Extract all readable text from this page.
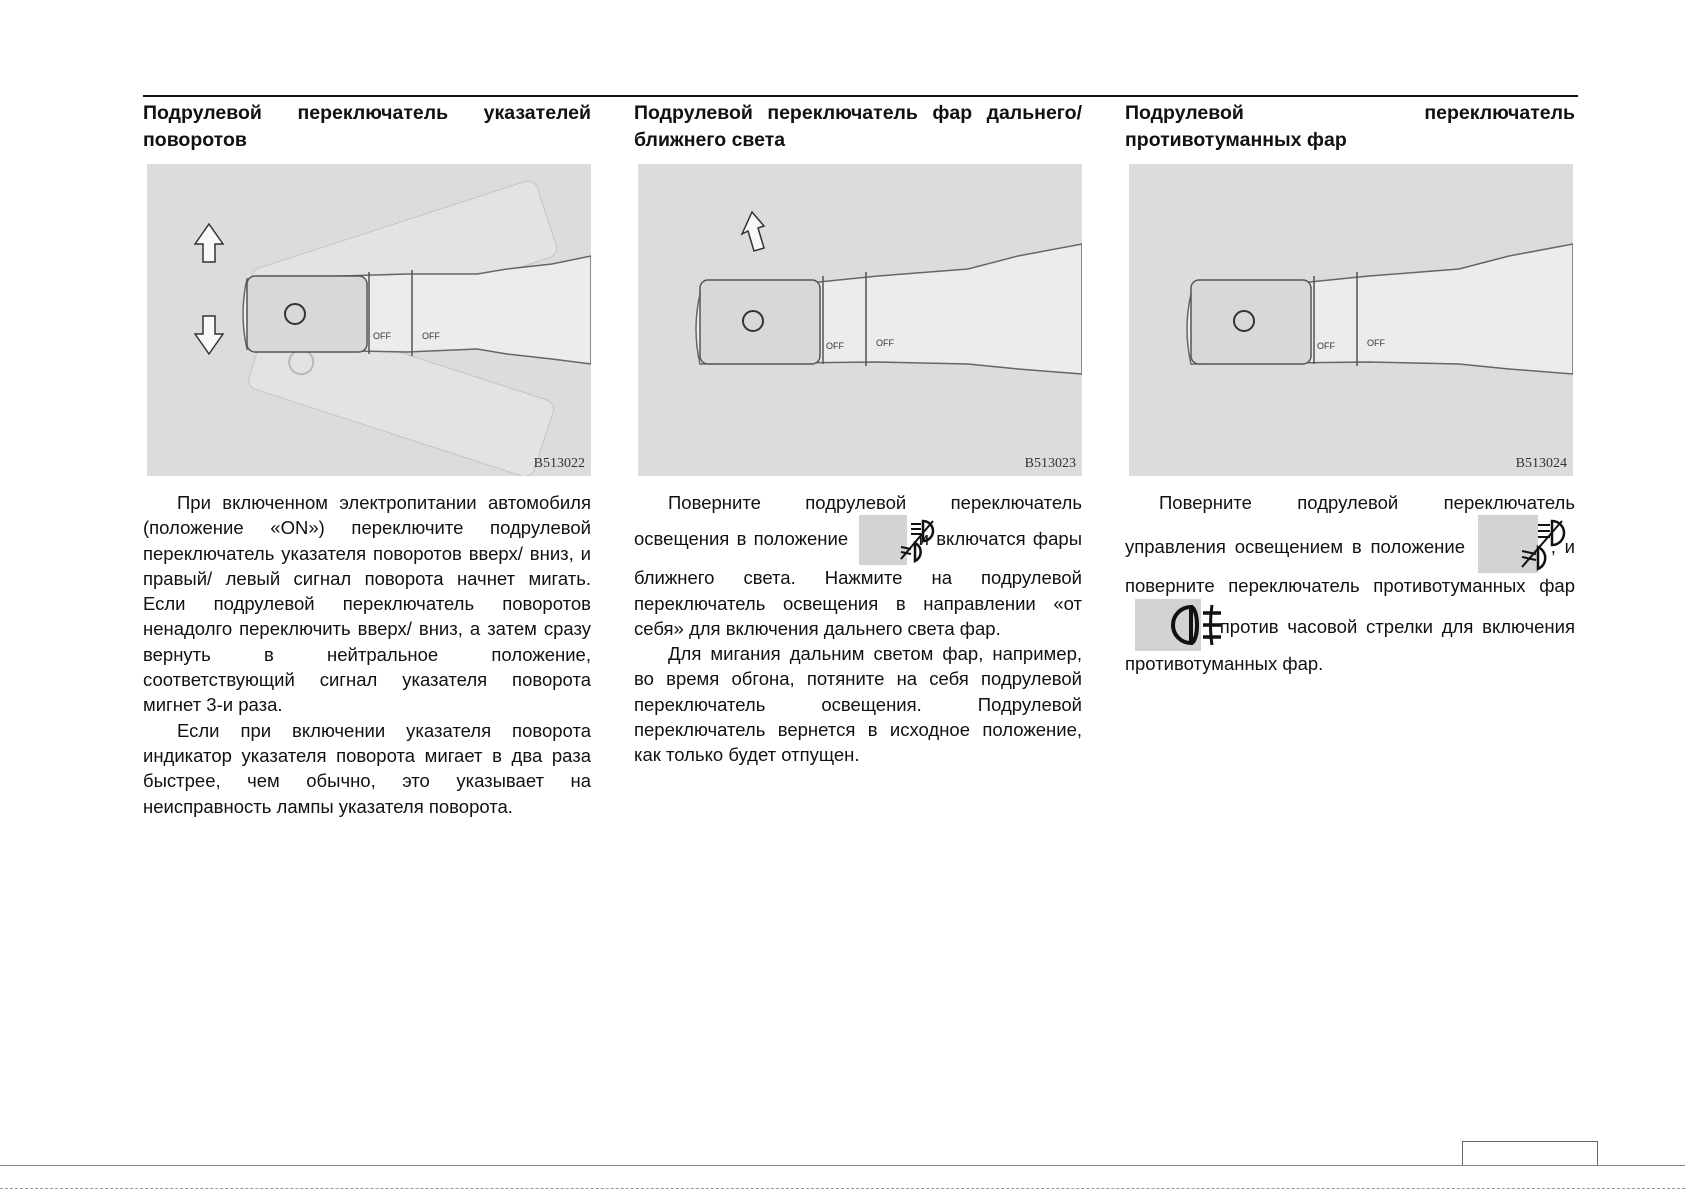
Подрулевой переключатель указателей поворотов
OFF	OFF
B513022

При включенном электропитании автомобиля (положение «ON») переключите подрулевой переключатель указателя поворотов вверх/ вниз, и правый/ левый сигнал поворота начнет мигать. Если подрулевой переключатель поворотов ненадолго переключить вверх/ вниз, а затем сразу вернуть в нейтральное положение, соответствующий сигнал указателя поворота мигнет 3-и раза.

Если при включении указателя поворота индикатор указателя поворота мигает в два раза быстрее, чем обычно, это указывает на неисправность лампы указателя поворота.

Подрулевой переключатель фар дальнего/ ближнего света
OFF	OFF
B513023

Поверните подрулевой переключатель освещения в положение	и включатся фары ближнего света. Нажмите на подрулевой переключатель освещения в направлении «от себя» для включения дальнего света фар.

Для мигания дальним светом фар, например, во время обгона, потяните на себя подрулевой переключатель освещения. Подрулевой переключатель вернется в исходное положение, как только будет отпущен.

Подрулевой переключатель противотуманных фар
OFF	OFF
B513024

Поверните подрулевой переключатель управления освещением в положение	, и поверните переключатель противотуманных фар  против часовой стрелки для включения противотуманных фар.
